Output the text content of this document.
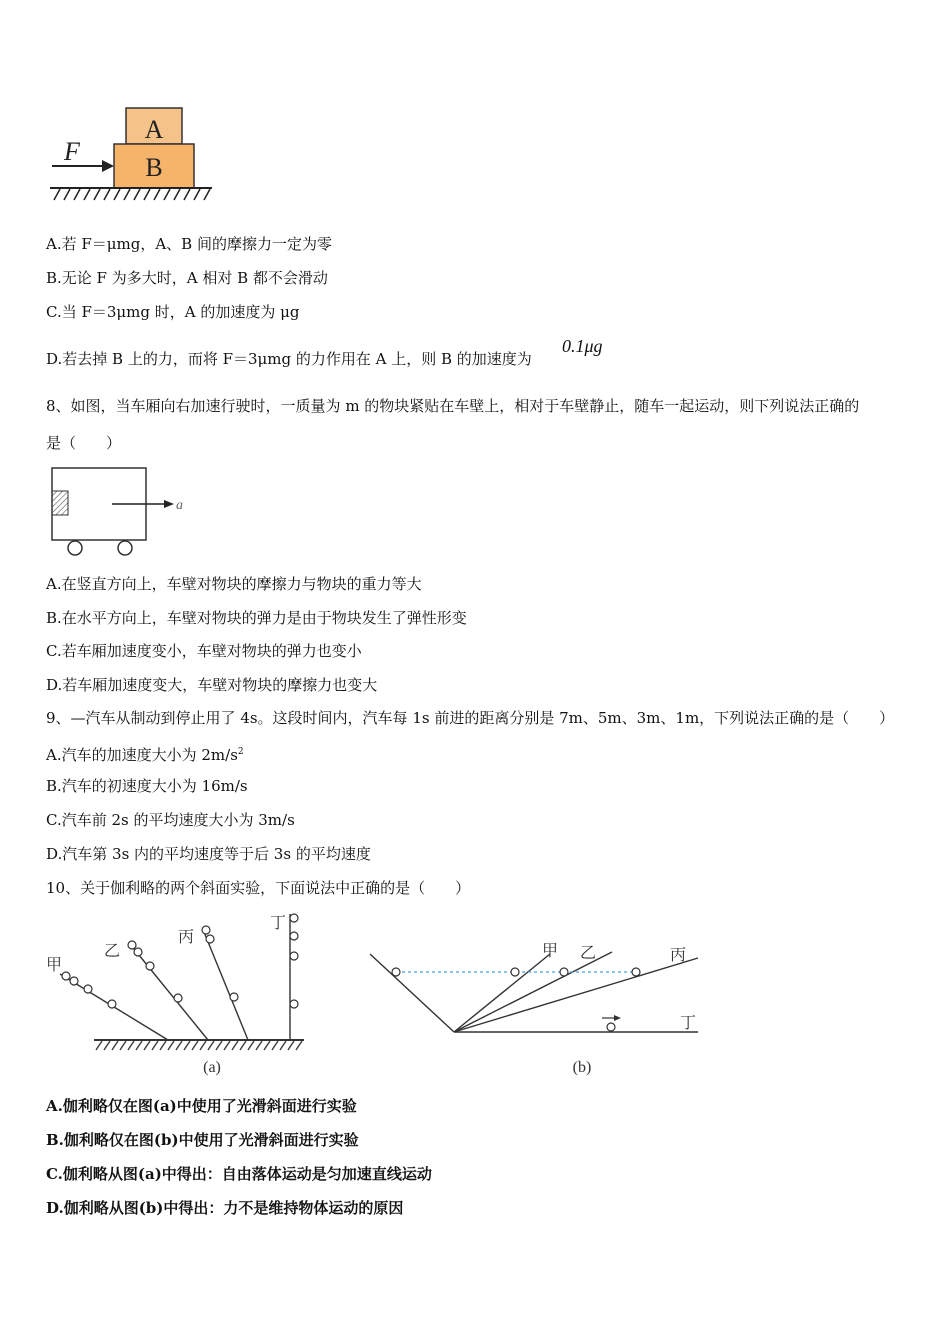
A
B
F
A.若 F＝μmg，A、B 间的摩擦力一定为零
B.无论 F 为多大时，A 相对 B 都不会滑动
C.当 F＝3μmg 时，A 的加速度为 μg
D.若去掉 B 上的力，而将 F＝3μmg 的力作用在 A 上，则 B 的加速度为
0.1μg
8、如图，当车厢向右加速行驶时，一质量为 m 的物块紧贴在车壁上，相对于车壁静止，随车一起运动，则下列说法正确的
是（　　）
a
A.在竖直方向上，车壁对物块的摩擦力与物块的重力等大
B.在水平方向上，车壁对物块的弹力是由于物块发生了弹性形变
C.若车厢加速度变小，车壁对物块的弹力也变小
D.若车厢加速度变大，车壁对物块的摩擦力也变大
9、—汽车从制动到停止用了 4s。这段时间内，汽车每 1s 前进的距离分别是 7m、5m、3m、1m，下列说法正确的是（　　）
A.汽车的加速度大小为 $2m/s^2$
B.汽车的初速度大小为 16m/s
C.汽车前 2s 的平均速度大小为 3m/s
D.汽车第 3s 内的平均速度等于后 3s 的平均速度
10、关于伽利略的两个斜面实验，下面说法中正确的是（　　）
甲
乙
丙
丁
(a)
甲 乙	丙
丁
(b)
A.伽利略仅在图(a)中使用了光滑斜面进行实验
B.伽利略仅在图(b)中使用了光滑斜面进行实验
C.伽利略从图(a)中得出：自由落体运动是匀加速直线运动
D.伽利略从图(b)中得出：力不是维持物体运动的原因
